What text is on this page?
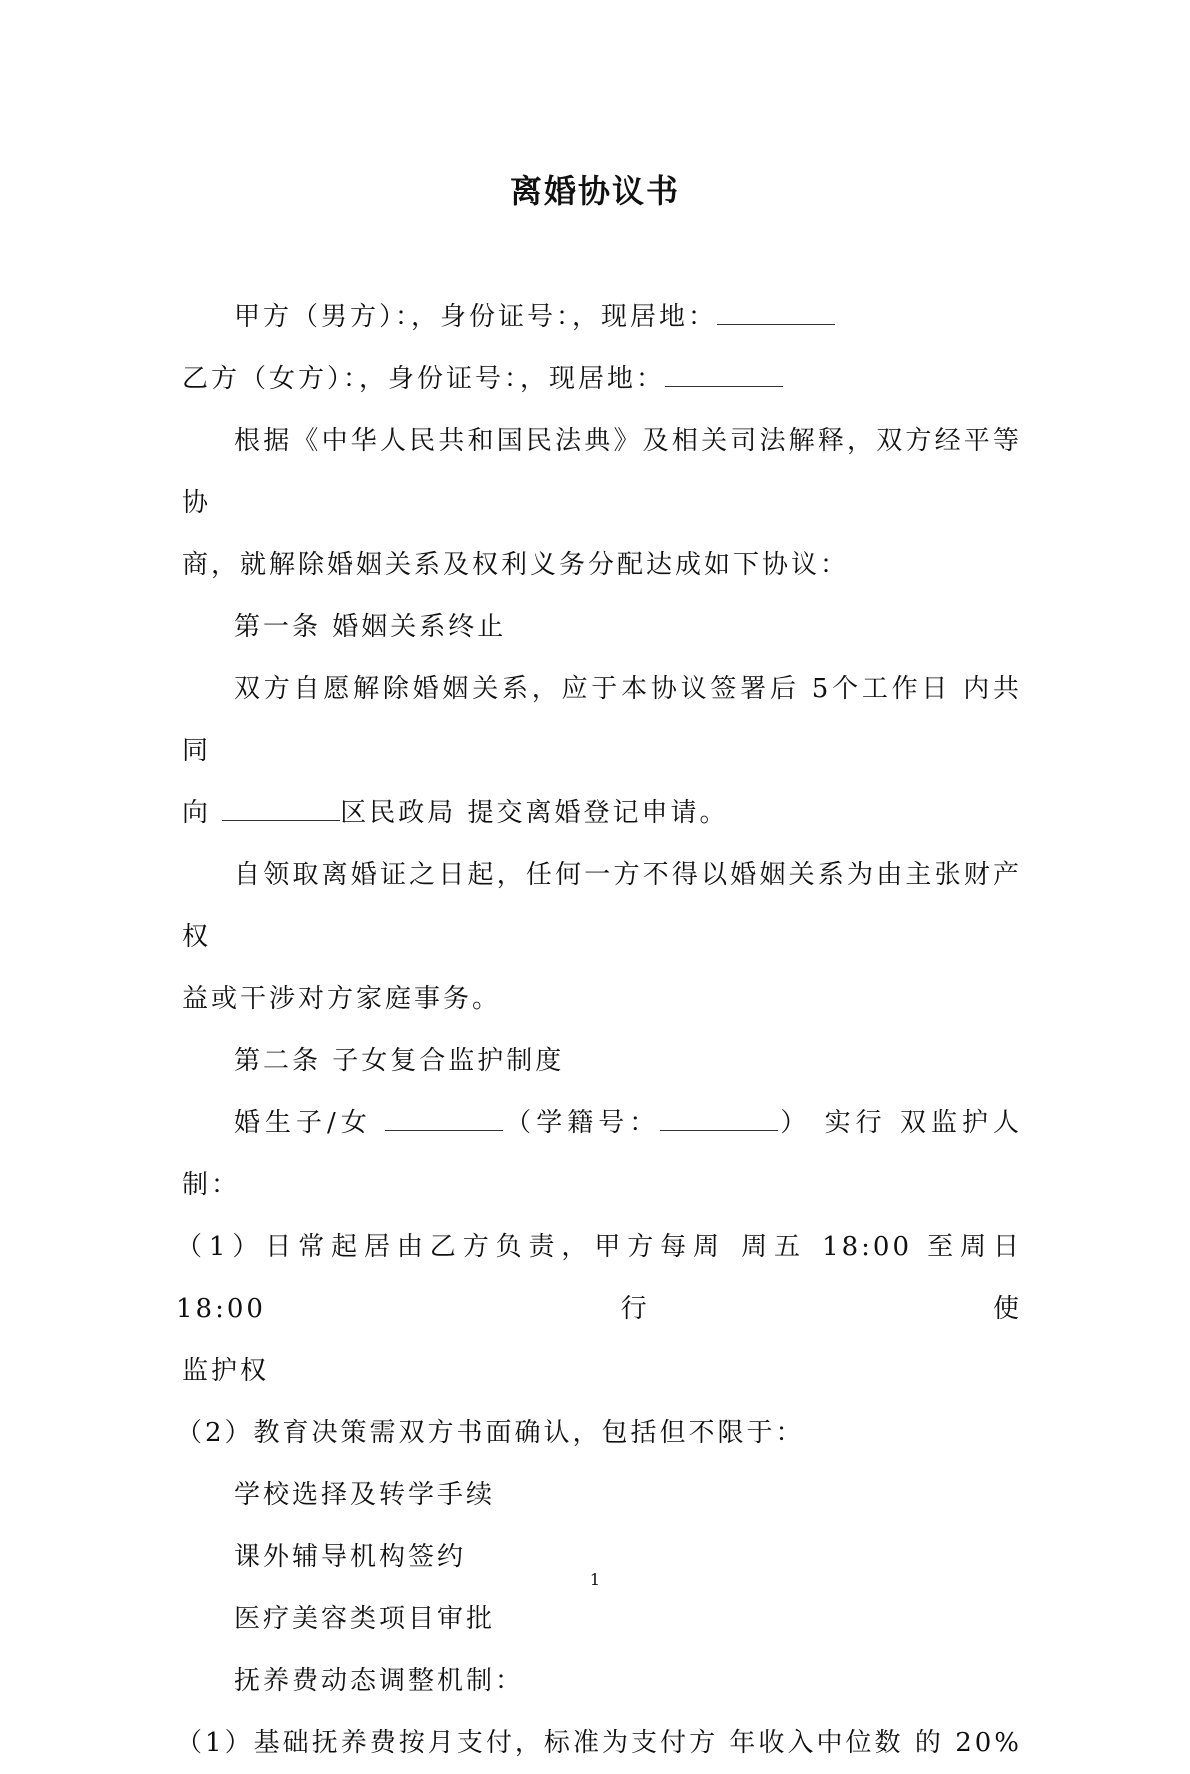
离婚协议书

甲方（男方）：，身份证号：，现居地：

乙方（女方）：，身份证号：，现居地：

根据《中华人民共和国民法典》及相关司法解释，双方经平等协

商，就解除婚姻关系及权利义务分配达成如下协议：

第一条 婚姻关系终止

双方自愿解除婚姻关系，应于本协议签署后 5个工作日 内共同

向	区民政局 提交离婚登记申请。

自领取离婚证之日起，任何一方不得以婚姻关系为由主张财产权

益或干涉对方家庭事务。

第二条 子女复合监护制度

婚生子/女	（学籍号：	） 实行 双监护人

制：

（1）日常起居由乙方负责，甲方每周 周五 18:00 至周日 18:00 行使

监护权

（2）教育决策需双方书面确认，包括但不限于：

学校选择及转学手续

课外辅导机构签约

医疗美容类项目审批

抚养费动态调整机制：

（1）基础抚养费按月支付，标准为支付方 年收入中位数 的 20%

1
